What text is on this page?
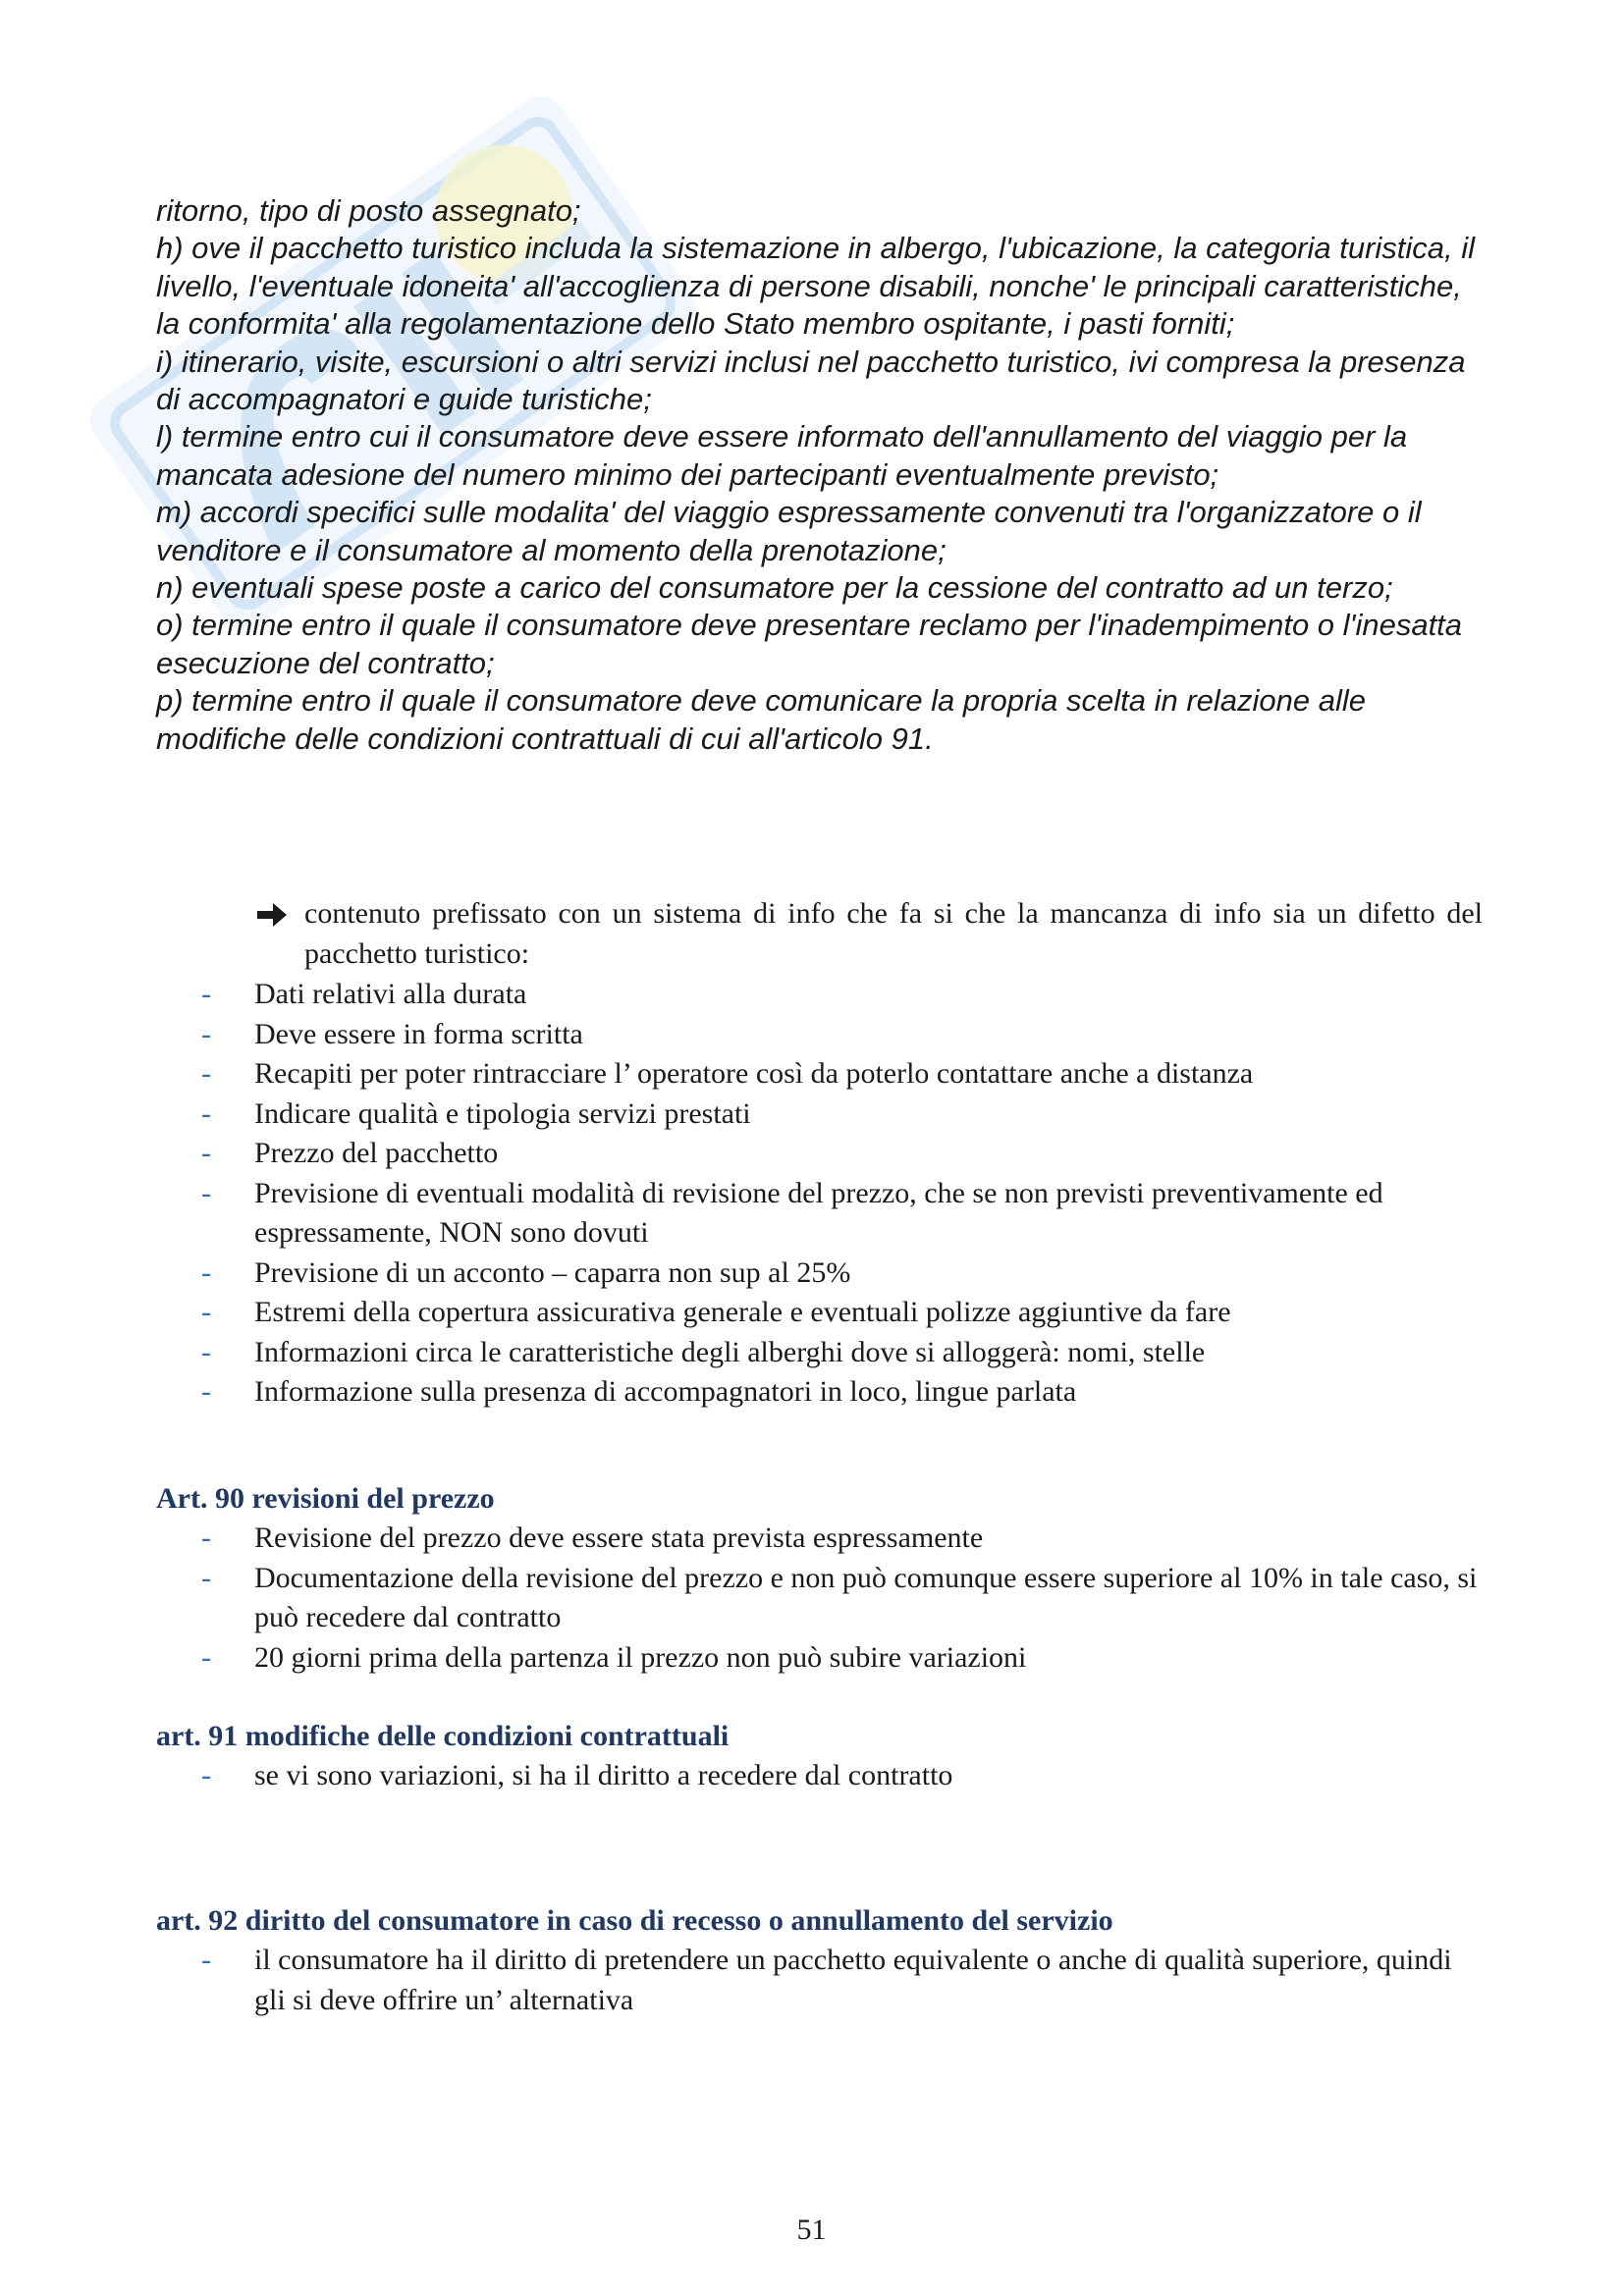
ritorno, tipo di posto assegnato;

h) ove il pacchetto turistico includa la sistemazione in albergo, l'ubicazione, la categoria turistica, il livello, l'eventuale idoneita' all'accoglienza di persone disabili, nonche' le principali caratteristiche, la conformita' alla regolamentazione dello Stato membro ospitante, i pasti forniti;

i) itinerario, visite, escursioni o altri servizi inclusi nel pacchetto turistico, ivi compresa la presenza di accompagnatori e guide turistiche;

l) termine entro cui il consumatore deve essere informato dell'annullamento del viaggio per la mancata adesione del numero minimo dei partecipanti eventualmente previsto;

m) accordi specifici sulle modalita' del viaggio espressamente convenuti tra l'organizzatore o il venditore e il consumatore al momento della prenotazione;

n) eventuali spese poste a carico del consumatore per la cessione del contratto ad un terzo;

o) termine entro il quale il consumatore deve presentare reclamo per l'inadempimento o l'inesatta esecuzione del contratto;

p) termine entro il quale il consumatore deve comunicare la propria scelta in relazione alle modifiche delle condizioni contrattuali di cui all'articolo 91.

contenuto prefissato con un sistema di info che fa si che la mancanza di info sia un difetto del pacchetto turistico:
-	Dati relativi alla durata
-	Deve essere in forma scritta
-	Recapiti per poter rintracciare l’ operatore così da poterlo contattare anche a distanza
-	Indicare qualità e tipologia servizi prestati
-	Prezzo del pacchetto
-	Previsione di eventuali modalità di revisione del prezzo, che se non previsti preventivamente ed espressamente, NON sono dovuti
-	Previsione di un acconto – caparra non sup al 25%
-	Estremi della copertura assicurativa generale e eventuali polizze aggiuntive da fare
-	Informazioni circa le caratteristiche degli alberghi dove si alloggerà: nomi, stelle
-	Informazione sulla presenza di accompagnatori in loco, lingue parlata
Art. 90 revisioni del prezzo
-	Revisione del prezzo deve essere stata prevista espressamente
-	Documentazione della revisione del prezzo e non può comunque essere superiore al 10% in tale caso, si può recedere dal contratto
-	20 giorni prima della partenza il prezzo non può subire variazioni
art. 91 modifiche delle condizioni contrattuali
-	se vi sono variazioni, si ha il diritto a recedere dal contratto
art. 92 diritto del consumatore in caso di recesso o annullamento del servizio
-	il consumatore ha il diritto di pretendere un pacchetto equivalente o anche di qualità superiore, quindi gli si deve offrire un’ alternativa
51
